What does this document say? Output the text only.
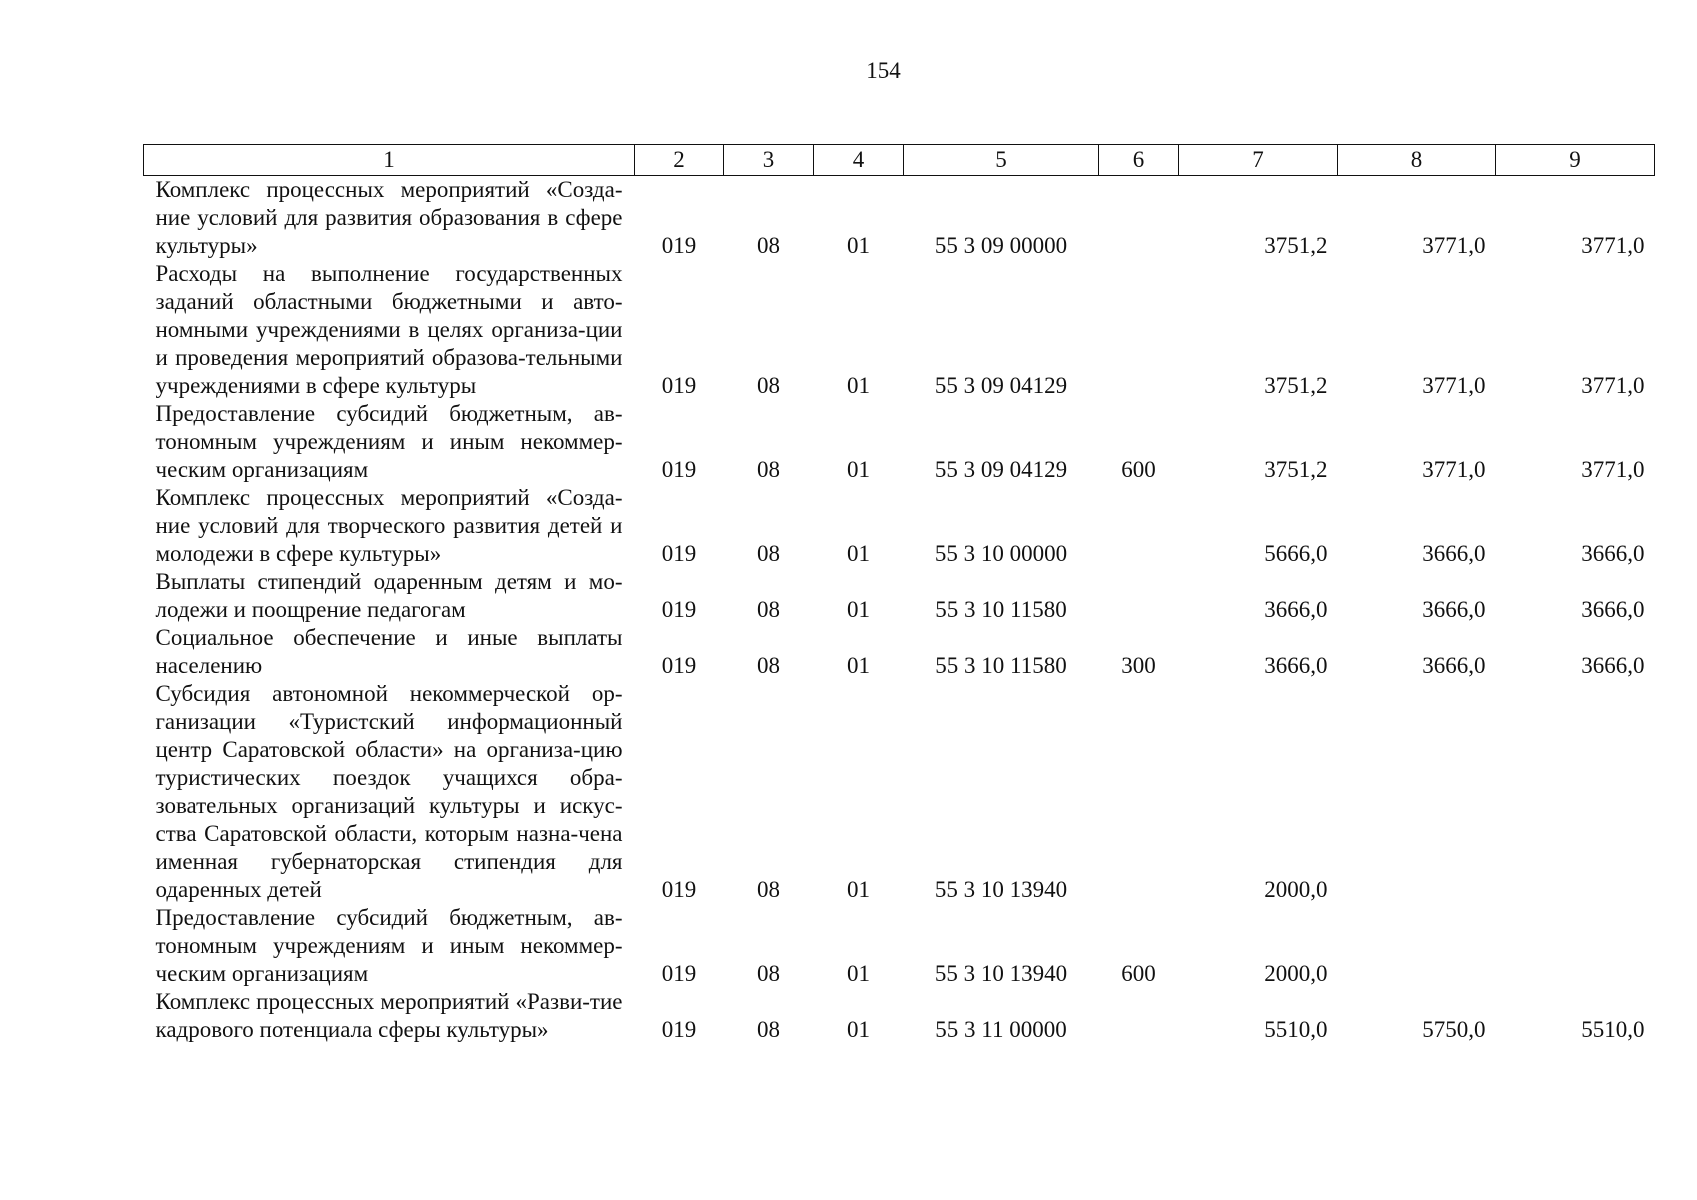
154
1	2	3	4	5	6	7	8	9
Комплекс процессных мероприятий «Созда-ние условий для развития образования в сфере культуры»	019	08	01	55 3 09 00000		3751,2	3771,0	3771,0
Расходы на выполнение государственных заданий областными бюджетными и авто-номными учреждениями в целях организа-ции и проведения мероприятий образова-тельными учреждениями в сфере культуры	019	08	01	55 3 09 04129		3751,2	3771,0	3771,0
Предоставление субсидий бюджетным, ав-тономным учреждениям и иным некоммер-ческим организациям	019	08	01	55 3 09 04129	600	3751,2	3771,0	3771,0
Комплекс процессных мероприятий «Созда-ние условий для творческого развития детей и молодежи в сфере культуры»	019	08	01	55 3 10 00000		5666,0	3666,0	3666,0
Выплаты стипендий одаренным детям и мо-лодежи и поощрение педагогам	019	08	01	55 3 10 11580		3666,0	3666,0	3666,0
Социальное обеспечение и иные выплаты населению	019	08	01	55 3 10 11580	300	3666,0	3666,0	3666,0
Субсидия автономной некоммерческой ор-ганизации «Туристский информационный центр Саратовской области» на организа-цию туристических поездок учащихся обра-зовательных организаций культуры и искус-ства Саратовской области, которым назна-чена именная губернаторская стипендия для одаренных детей	019	08	01	55 3 10 13940		2000,0		
Предоставление субсидий бюджетным, ав-тономным учреждениям и иным некоммер-ческим организациям	019	08	01	55 3 10 13940	600	2000,0		
Комплекс процессных мероприятий «Разви-тие кадрового потенциала сферы культуры»	019	08	01	55 3 11 00000		5510,0	5750,0	5510,0
